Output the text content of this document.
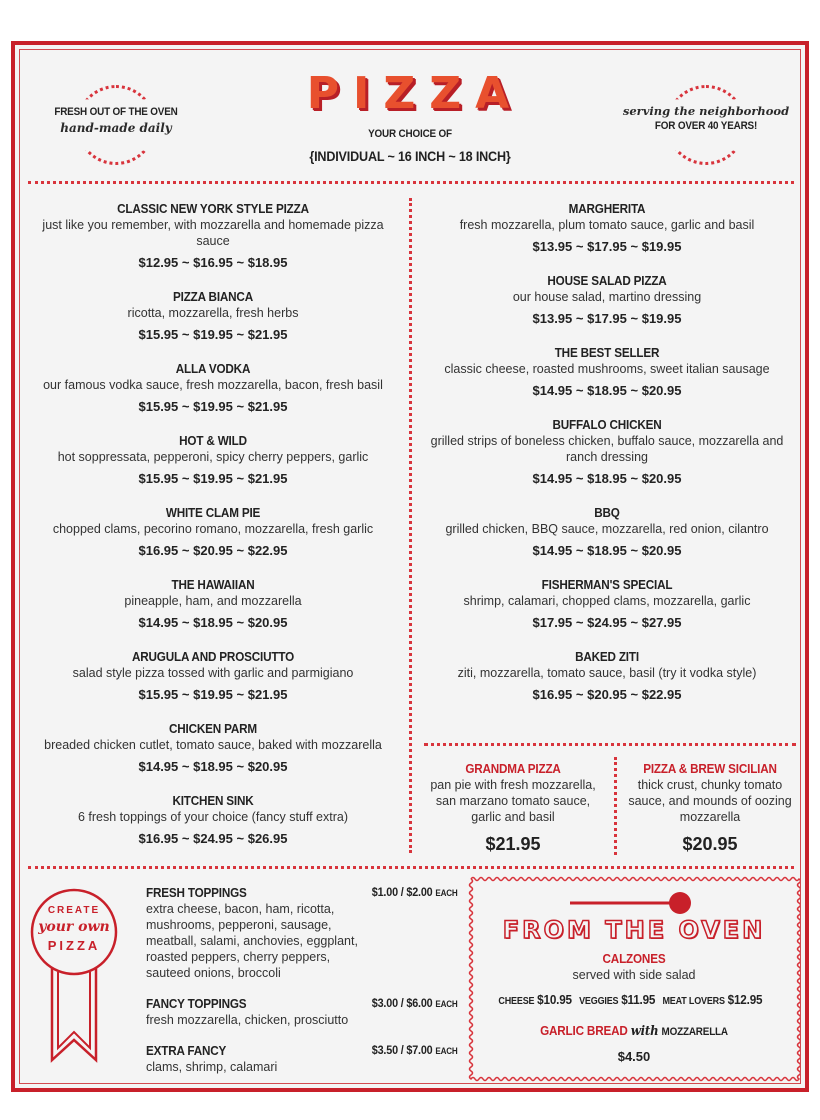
FRESH OUT OF THE OVEN
hand-made daily
serving the neighborhood
FOR OVER 40 YEARS!
PIZZA
YOUR CHOICE OF
{INDIVIDUAL ~ 16 INCH ~ 18 INCH}
CLASSIC NEW YORK STYLE PIZZA
just like you remember, with mozzarella and homemade pizza sauce
$12.95 ~ $16.95 ~ $18.95
PIZZA BIANCA
ricotta, mozzarella, fresh herbs
$15.95 ~ $19.95 ~ $21.95
ALLA VODKA
our famous vodka sauce, fresh mozzarella, bacon, fresh basil
$15.95 ~ $19.95 ~ $21.95
HOT & WILD
hot soppressata, pepperoni, spicy cherry peppers, garlic
$15.95 ~ $19.95 ~ $21.95
WHITE CLAM PIE
chopped clams, pecorino romano, mozzarella, fresh garlic
$16.95 ~ $20.95 ~ $22.95
THE HAWAIIAN
pineapple, ham, and mozzarella
$14.95 ~ $18.95 ~ $20.95
ARUGULA AND PROSCIUTTO
salad style pizza tossed with garlic and parmigiano
$15.95 ~ $19.95 ~ $21.95
CHICKEN PARM
breaded chicken cutlet, tomato sauce, baked with mozzarella
$14.95 ~ $18.95 ~ $20.95
KITCHEN SINK
6 fresh toppings of your choice (fancy stuff extra)
$16.95 ~ $24.95 ~ $26.95
MARGHERITA
fresh mozzarella, plum tomato sauce, garlic and basil
$13.95 ~ $17.95 ~ $19.95
HOUSE SALAD PIZZA
our house salad, martino dressing
$13.95 ~ $17.95 ~ $19.95
THE BEST SELLER
classic cheese, roasted mushrooms, sweet italian sausage
$14.95 ~ $18.95 ~ $20.95
BUFFALO CHICKEN
grilled strips of boneless chicken, buffalo sauce, mozzarella and ranch dressing
$14.95 ~ $18.95 ~ $20.95
BBQ
grilled chicken, BBQ sauce, mozzarella, red onion, cilantro
$14.95 ~ $18.95 ~ $20.95
FISHERMAN'S SPECIAL
shrimp, calamari, chopped clams, mozzarella, garlic
$17.95 ~ $24.95 ~ $27.95
BAKED ZITI
ziti, mozzarella, tomato sauce, basil (try it vodka style)
$16.95 ~ $20.95 ~ $22.95
GRANDMA PIZZA
pan pie with fresh mozzarella, san marzano tomato sauce, garlic and basil
$21.95
PIZZA & BREW SICILIAN
thick crust, chunky tomato sauce, and mounds of oozing mozzarella
$20.95
CREATE
your own
PIZZA
FRESH TOPPINGS	$1.00 / $2.00 EACH
extra cheese, bacon, ham, ricotta, mushrooms, pepperoni, sausage, meatball, salami, anchovies, eggplant, roasted peppers, cherry peppers, sauteed onions, broccoli
FANCY TOPPINGS	$3.00 / $6.00 EACH
fresh mozzarella, chicken, prosciutto
EXTRA FANCY	$3.50 / $7.00 EACH
clams, shrimp, calamari
FROM THE OVEN
CALZONES
served with side salad
CHEESE $10.95 VEGGIES $11.95 MEAT LOVERS $12.95
GARLIC BREAD with MOZZARELLA
$4.50
